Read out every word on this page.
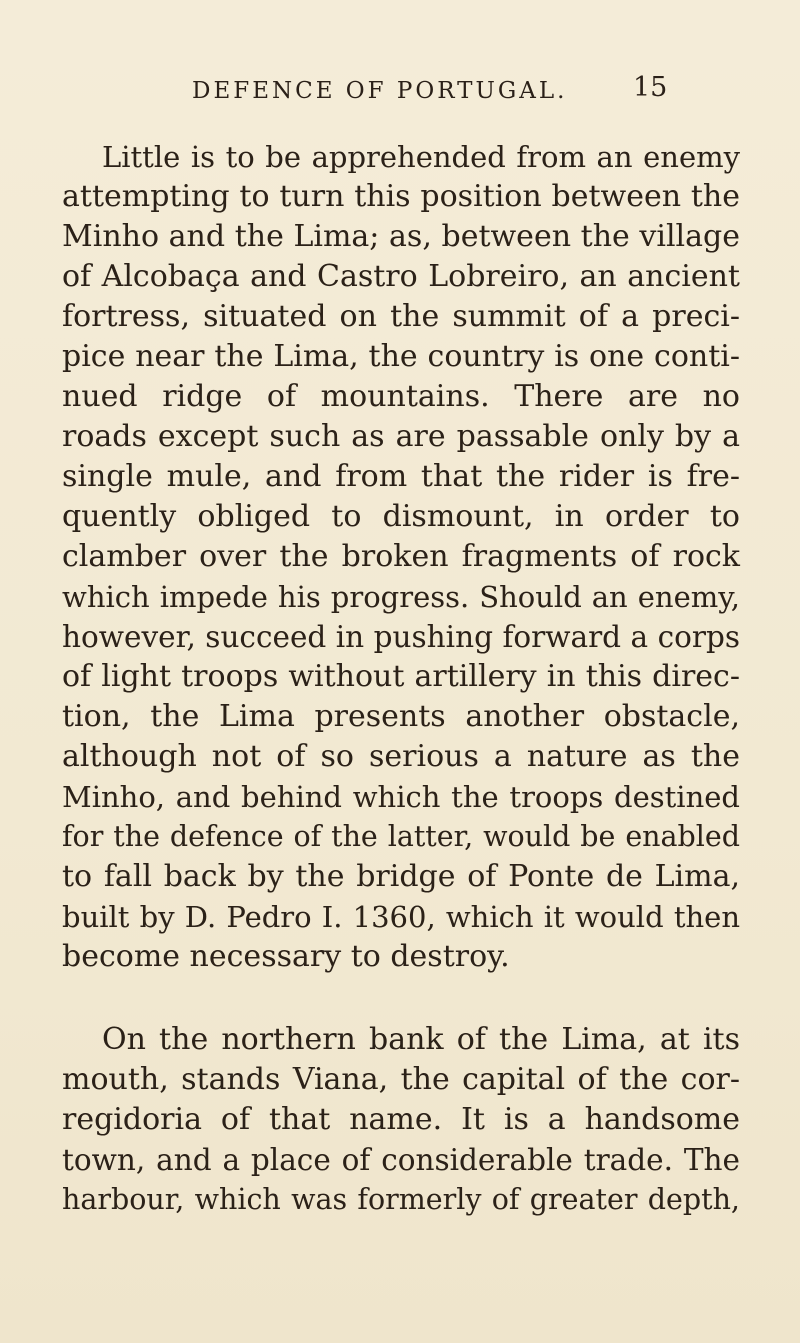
DEFENCE OF PORTUGAL. 15
Little is to be apprehended from an enemy
attempting to turn this position between the
Minho and the Lima; as, between the village
of Alcobaça and Castro Lobreiro, an ancient
fortress, situated on the summit of a preci-
pice near the Lima, the country is one conti-
nued ridge of mountains. There are no
roads except such as are passable only by a
single mule, and from that the rider is fre-
quently obliged to dismount, in order to
clamber over the broken fragments of rock
which impede his progress. Should an enemy,
however, succeed in pushing forward a corps
of light troops without artillery in this direc-
tion, the Lima presents another obstacle,
although not of so serious a nature as the
Minho, and behind which the troops destined
for the defence of the latter, would be enabled
to fall back by the bridge of Ponte de Lima,
built by D. Pedro I. 1360, which it would then
become necessary to destroy.
On the northern bank of the Lima, at its
mouth, stands Viana, the capital of the cor-
regidoria of that name. It is a handsome
town, and a place of considerable trade. The
harbour, which was formerly of greater depth,
